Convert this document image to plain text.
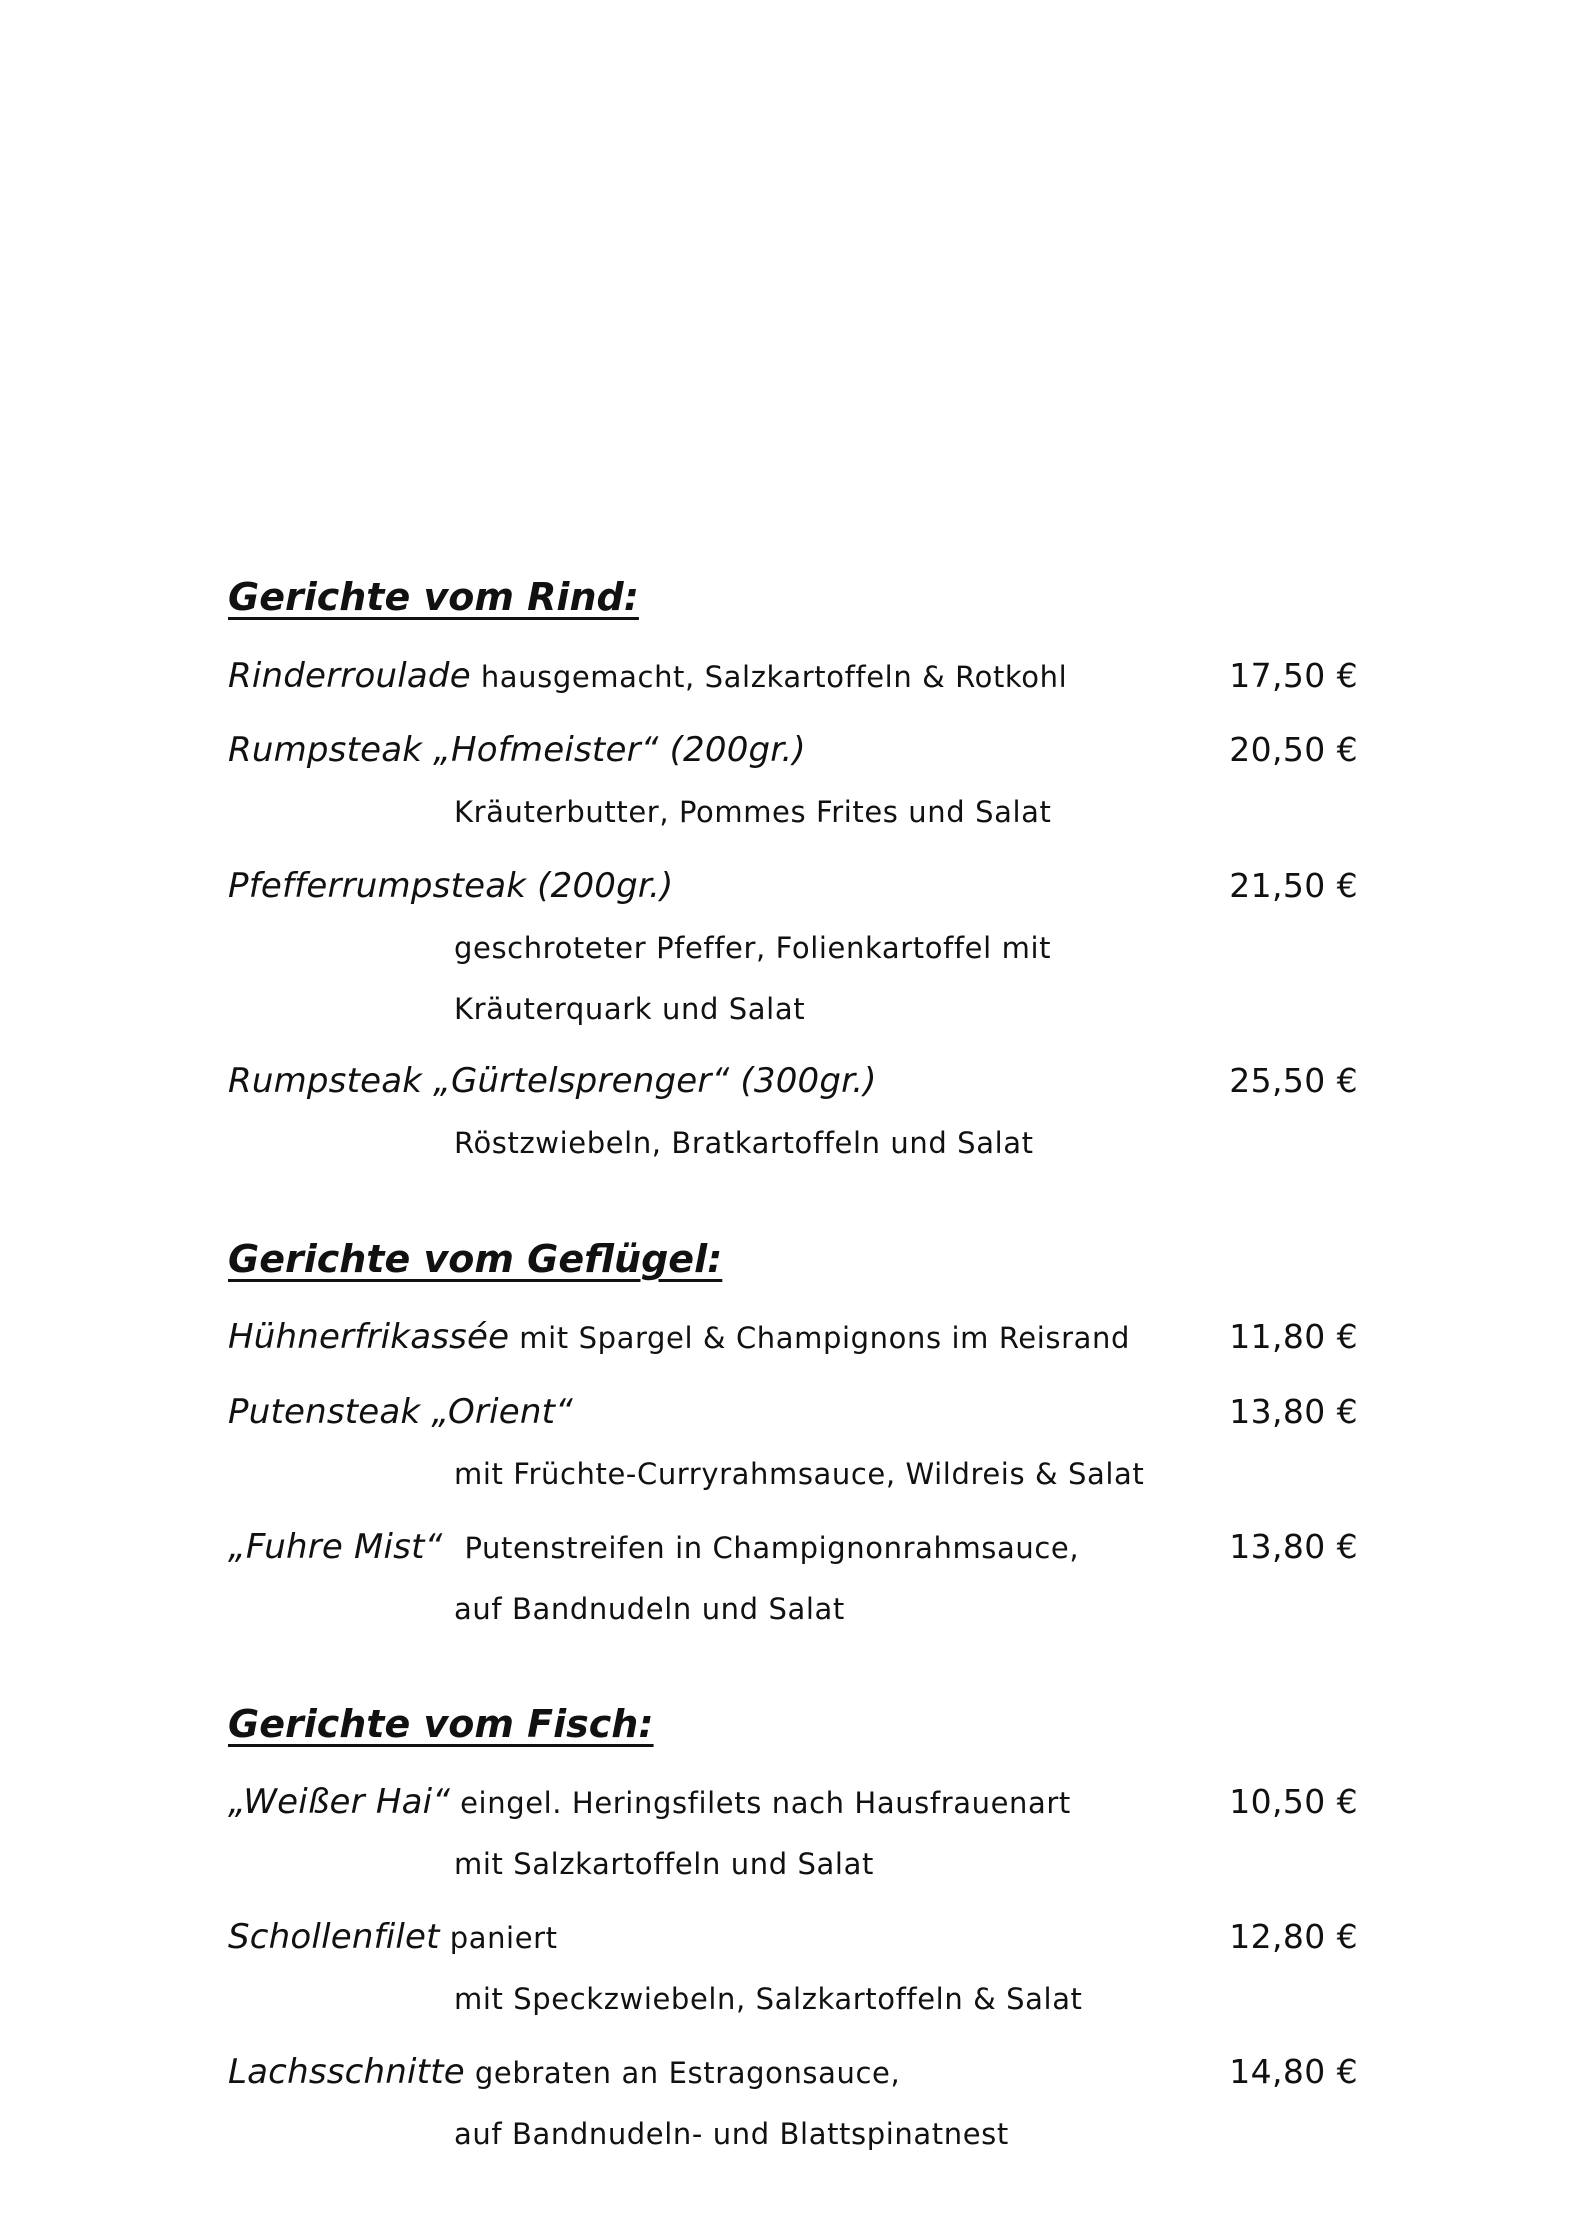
Gerichte vom Rind:
Rinderroulade hausgemacht, Salzkartoffeln & Rotkohl	17,50 €
Rumpsteak „Hofmeister“ (200gr.)	20,50 €
Kräuterbutter, Pommes Frites und Salat
Pfefferrumpsteak (200gr.)	21,50 €
geschroteter Pfeffer, Folienkartoffel mit
Kräuterquark und Salat
Rumpsteak „Gürtelsprenger“ (300gr.)	25,50 €
Röstzwiebeln, Bratkartoffeln und Salat
Gerichte vom Geflügel:
Hühnerfrikassée mit Spargel & Champignons im Reisrand	11,80 €
Putensteak „Orient“	13,80 €
mit Früchte-Curryrahmsauce, Wildreis & Salat
„Fuhre Mist“ Putenstreifen in Champignonrahmsauce,	13,80 €
auf Bandnudeln und Salat
Gerichte vom Fisch:
„Weißer Hai“ eingel. Heringsfilets nach Hausfrauenart	10,50 €
mit Salzkartoffeln und Salat
Schollenfilet paniert	12,80 €
mit Speckzwiebeln, Salzkartoffeln & Salat
Lachsschnitte gebraten an Estragonsauce,	14,80 €
auf Bandnudeln- und Blattspinatnest
